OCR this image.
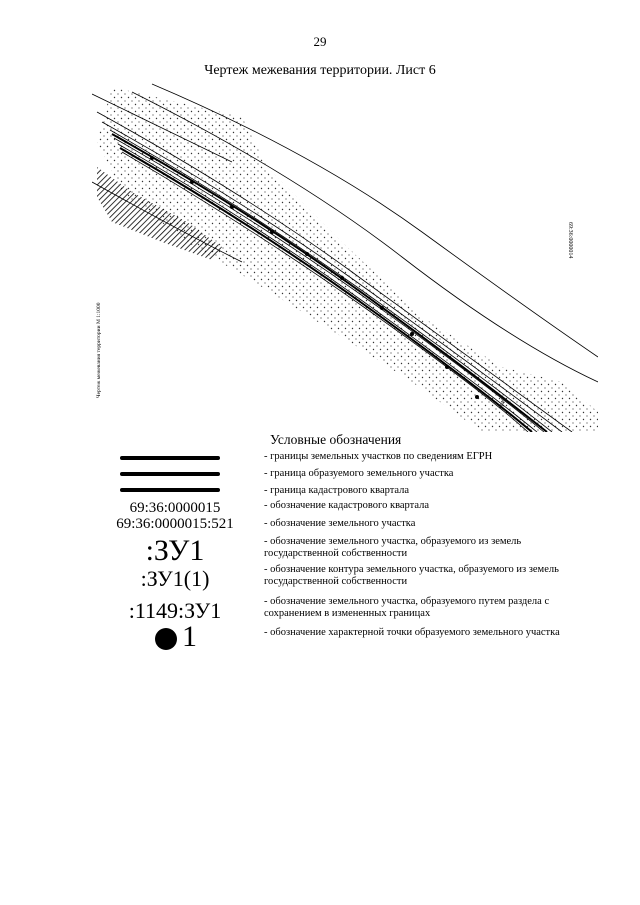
29
Чертеж межевания территории. Лист 6
1149
Чертеж межевания территории М 1:1000
69:36:0000014
Условные обозначения
69:36:0000015
69:36:0000015:521
:ЗУ1
:ЗУ1(1)
:1149:ЗУ1
1
- границы земельных участков по сведениям ЕГРН
- граница образуемого земельного участка
- граница кадастрового квартала
- обозначение кадастрового квартала
- обозначение земельного участка
- обозначение земельного участка, образуемого из земель государственной собственности
- обозначение контура земельного участка, образуемого из земель государственной собственности
- обозначение земельного участка, образуемого путем раздела с сохранением в измененных границах
- обозначение характерной точки образуемого земельного участка
